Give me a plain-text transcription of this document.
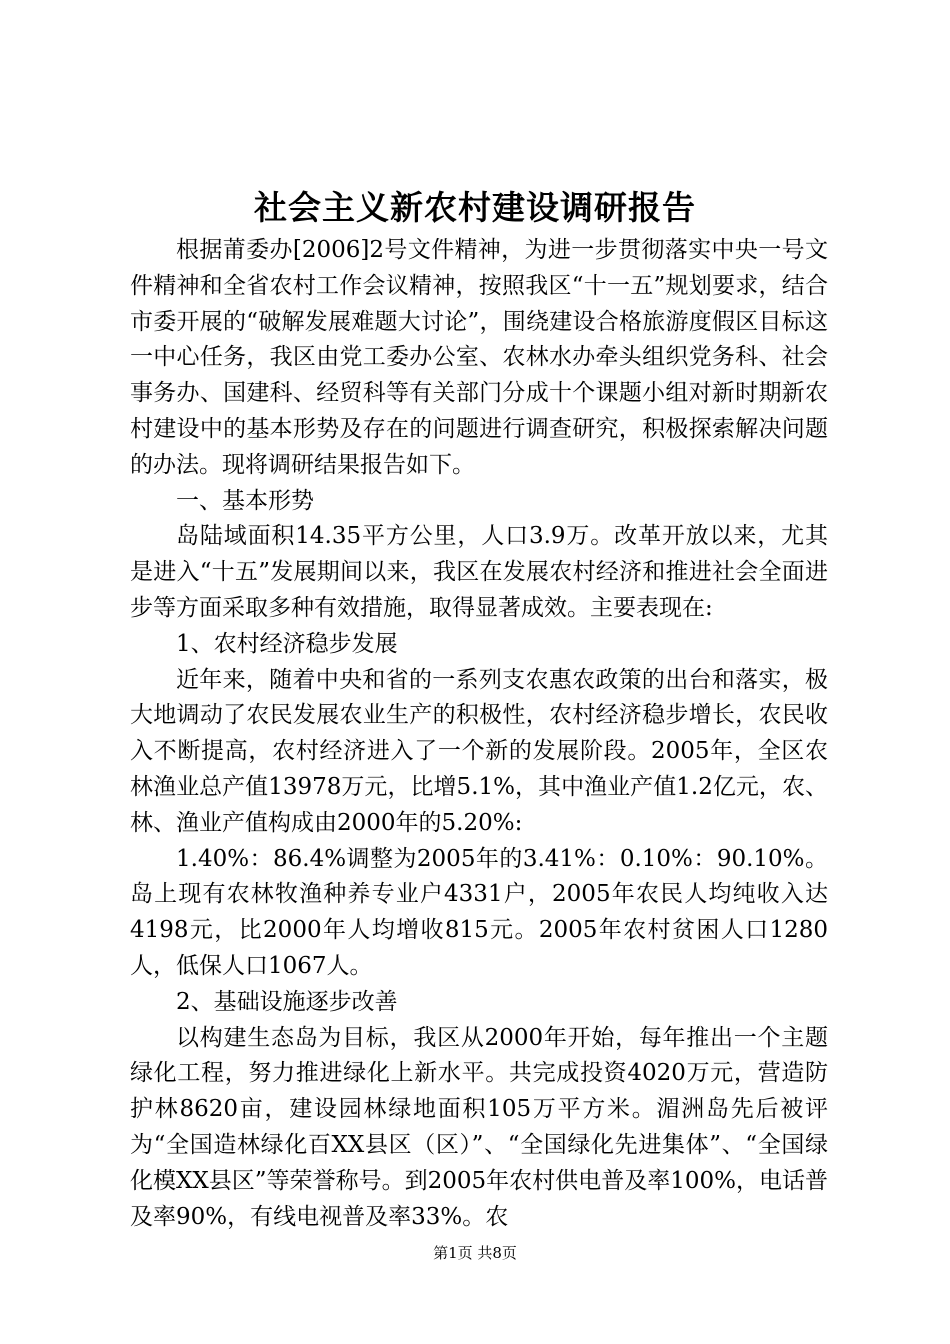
社会主义新农村建设调研报告

根据莆委办[2006]2号文件精神，为进一步贯彻落实中央一号文件精神和全省农村工作会议精神，按照我区“十一五”规划要求，结合市委开展的“破解发展难题大讨论”，围绕建设合格旅游度假区目标这一中心任务，我区由党工委办公室、农林水办牵头组织党务科、社会事务办、国建科、经贸科等有关部门分成十个课题小组对新时期新农村建设中的基本形势及存在的问题进行调查研究，积极探索解决问题的办法。现将调研结果报告如下。

一、基本形势

岛陆域面积14.35平方公里，人口3.9万。改革开放以来，尤其是进入“十五”发展期间以来，我区在发展农村经济和推进社会全面进步等方面采取多种有效措施，取得显著成效。主要表现在:

1、农村经济稳步发展

近年来，随着中央和省的一系列支农惠农政策的出台和落实，极大地调动了农民发展农业生产的积极性，农村经济稳步增长，农民收入不断提高，农村经济进入了一个新的发展阶段。2005年，全区农林渔业总产值13978万元，比增5.1%，其中渔业产值1.2亿元，农、林、渔业产值构成由2000年的5.20%:

1.40%：86.4%调整为2005年的3.41%：0.10%：90.10%。岛上现有农林牧渔种养专业户4331户，2005年农民人均纯收入达4198元，比2000年人均增收815元。2005年农村贫困人口1280人，低保人口1067人。

2、基础设施逐步改善

以构建生态岛为目标，我区从2000年开始，每年推出一个主题绿化工程，努力推进绿化上新水平。共完成投资4020万元，营造防护林8620亩，建设园林绿地面积105万平方米。湄洲岛先后被评为“全国造林绿化百XX县区（区）”、“全国绿化先进集体”、“全国绿化模XX县区”等荣誉称号。到2005年农村供电普及率100%，电话普及率90%，有线电视普及率33%。农

第1页 共8页
